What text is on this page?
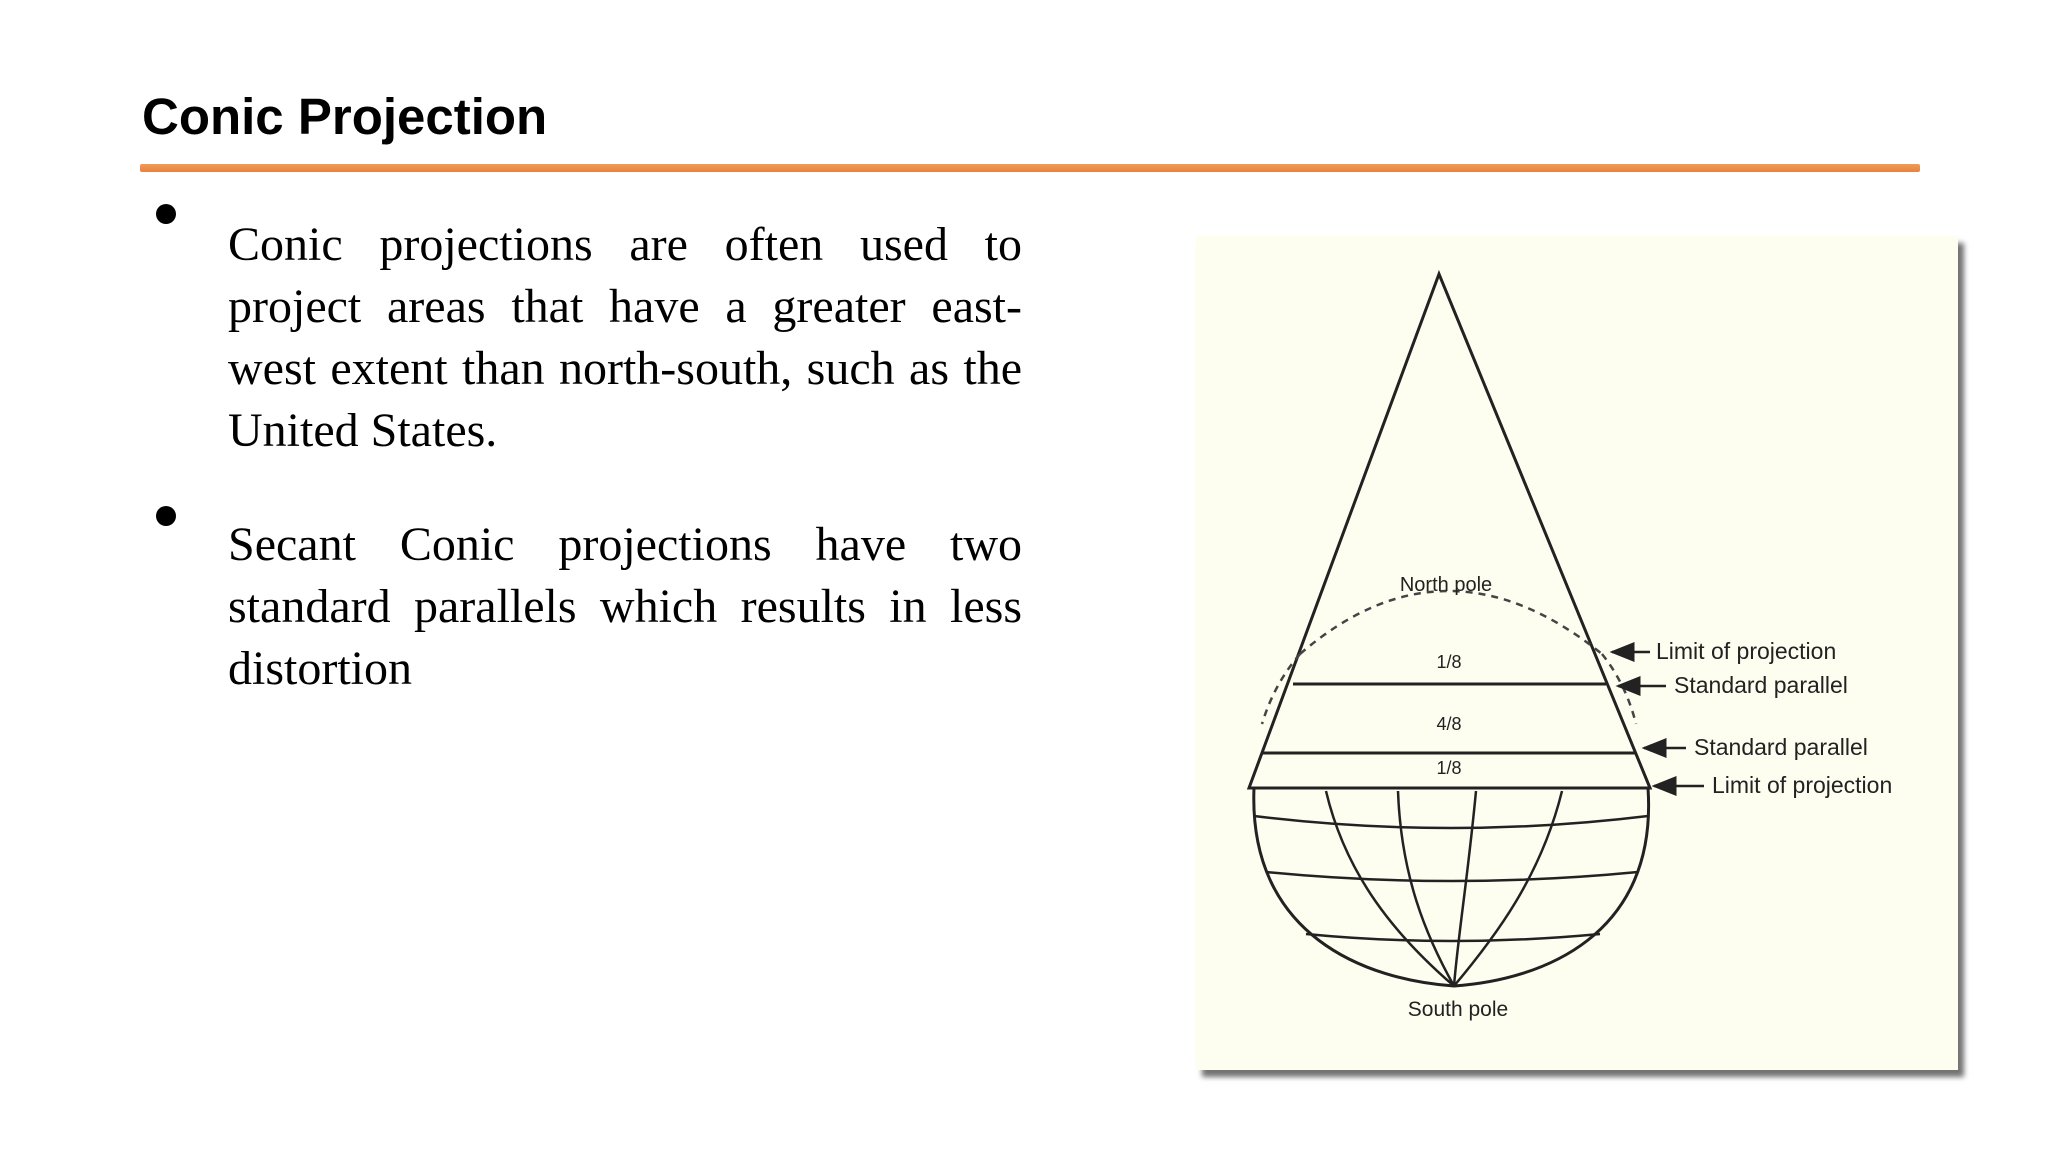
Conic Projection
Conic projections are often used to project areas that have a greater east-west extent than north-south, such as the United States.
Secant Conic projections have two standard parallels which results in less distortion
North pole
South pole
1/8
4/8
1/8
Limit of projection
Standard parallel
Standard parallel
Limit of projection
